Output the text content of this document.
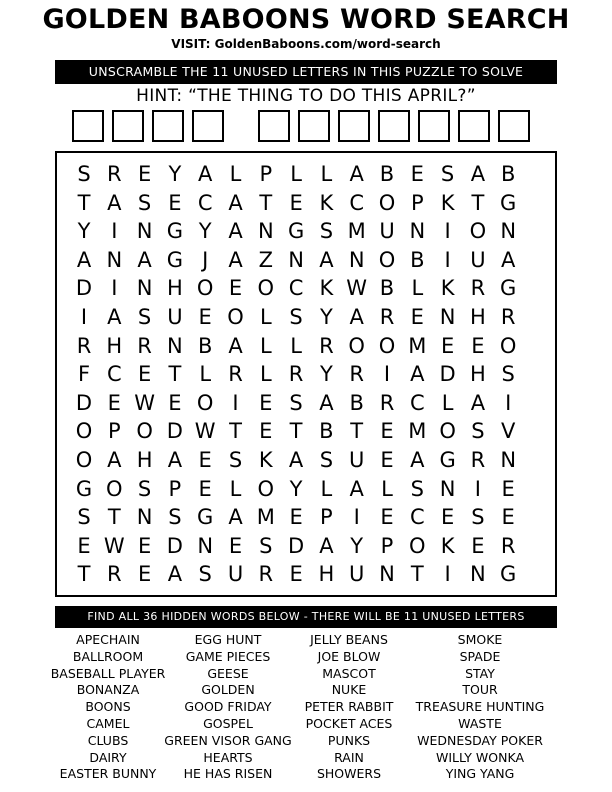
GOLDEN BABOONS WORD SEARCH
VISIT: GoldenBaboons.com/word-search
UNSCRAMBLE THE 11 UNUSED LETTERS IN THIS PUZZLE TO SOLVE
HINT: “THE THING TO DO THIS APRIL?”
S R E Y A L P L L A B E S A B
T A S E C A T E K C O P K T G
Y I N G Y A N G S M U N I O N
A N A G J A Z N A N O B I U A
D I N H O E O C K W B L K R G
I A S U E O L S Y A R E N H R
R H R N B A L L R O O M E E O
F C E T L R L R Y R I A D H S
D E W E O I E S A B R C L A I
O P O D W T E T B T E M O S V
O A H A E S K A S U E A G R N
G O S P E L O Y L A L S N I E
S T N S G A M E P I E C E S E
E W E D N E S D A Y P O K E R
T R E A S U R E H U N T I N G
FIND ALL 36 HIDDEN WORDS BELOW - THERE WILL BE 11 UNUSED LETTERS
APECHAIN
BALLROOM
BASEBALL PLAYER
BONANZA
BOONS
CAMEL
CLUBS
DAIRY
EASTER BUNNY
EGG HUNT
GAME PIECES
GEESE
GOLDEN
GOOD FRIDAY
GOSPEL
GREEN VISOR GANG
HEARTS
HE HAS RISEN
JELLY BEANS
JOE BLOW
MASCOT
NUKE
PETER RABBIT
POCKET ACES
PUNKS
RAIN
SHOWERS
SMOKE
SPADE
STAY
TOUR
TREASURE HUNTING
WASTE
WEDNESDAY POKER
WILLY WONKA
YING YANG
